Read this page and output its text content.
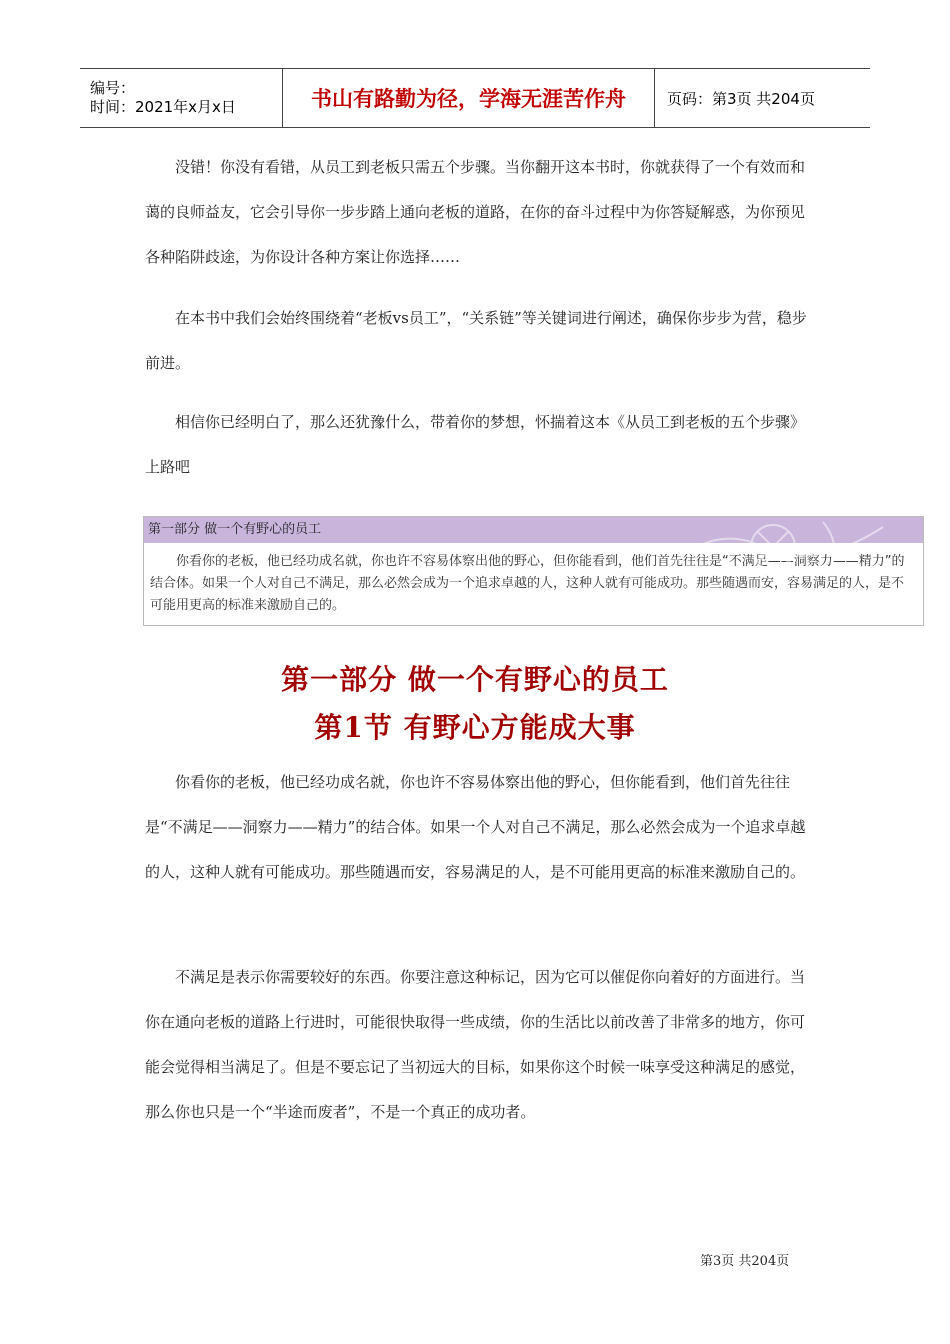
编号：
时间：2021年x月x日	书山有路勤为径，学海无涯苦作舟	页码：第3页 共204页

没错！你没有看错，从员工到老板只需五个步骤。当你翻开这本书时，你就获得了一个有效而和蔼的良师益友，它会引导你一步步踏上通向老板的道路，在你的奋斗过程中为你答疑解惑，为你预见各种陷阱歧途，为你设计各种方案让你选择……

在本书中我们会始终围绕着“老板vs员工”，“关系链”等关键词进行阐述，确保你步步为营，稳步前进。

相信你已经明白了，那么还犹豫什么，带着你的梦想，怀揣着这本《从员工到老板的五个步骤》上路吧

第一部分 做一个有野心的员工
你看你的老板，他已经功成名就，你也许不容易体察出他的野心，但你能看到，他们首先往往是“不满足——洞察力——精力”的结合体。如果一个人对自己不满足，那么必然会成为一个追求卓越的人，这种人就有可能成功。那些随遇而安，容易满足的人，是不可能用更高的标准来激励自己的。
第一部分 做一个有野心的员工
第1节 有野心方能成大事

你看你的老板，他已经功成名就，你也许不容易体察出他的野心，但你能看到，他们首先往往是“不满足——洞察力——精力”的结合体。如果一个人对自己不满足，那么必然会成为一个追求卓越的人，这种人就有可能成功。那些随遇而安，容易满足的人，是不可能用更高的标准来激励自己的。

不满足是表示你需要较好的东西。你要注意这种标记，因为它可以催促你向着好的方面进行。当你在通向老板的道路上行进时，可能很快取得一些成绩，你的生活比以前改善了非常多的地方，你可能会觉得相当满足了。但是不要忘记了当初远大的目标，如果你这个时候一味享受这种满足的感觉，那么你也只是一个“半途而废者”，不是一个真正的成功者。

第3页 共204页
